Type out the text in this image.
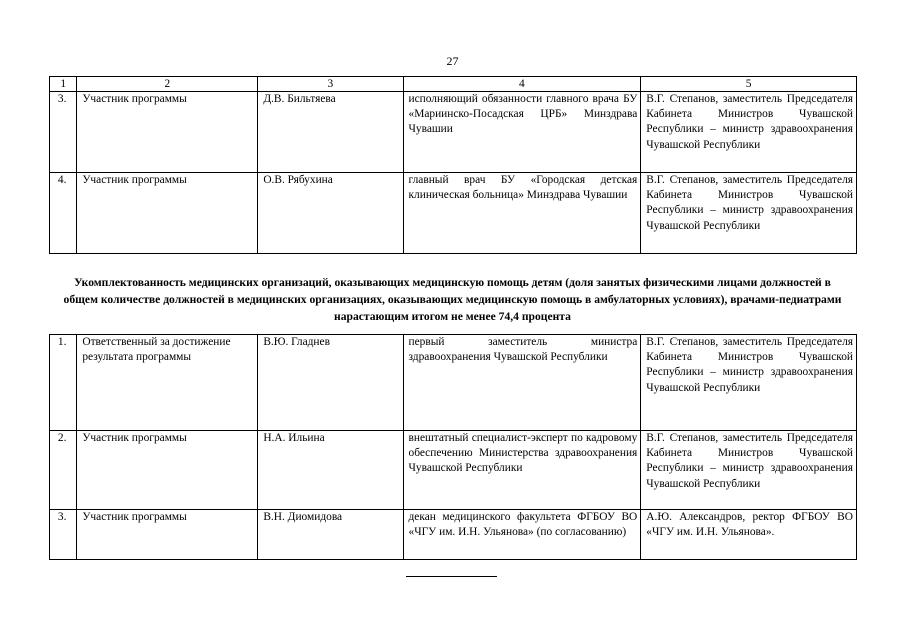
27
1	2	3	4	5
3.	Участник программы	Д.В. Бильтяева	исполняющий обязанности главного врача БУ «Мариинско-Посадская ЦРБ» Минздрава Чувашии	В.Г. Степанов, заместитель Председателя Кабинета Министров Чувашской Республики – министр здравоохранения Чувашской Республики
4.	Участник программы	О.В. Рябухина	главный врач БУ «Городская детская клиническая больница» Минздрава Чувашии	В.Г. Степанов, заместитель Председателя Кабинета Министров Чувашской Республики – министр здравоохранения Чувашской Республики
Укомплектованность медицинских организаций, оказывающих медицинскую помощь детям (доля занятых физическими лицами должностей в общем количестве должностей в медицинских организациях, оказывающих медицинскую помощь в амбулаторных условиях), врачами-педиатрами нарастающим итогом не менее 74,4 процента
1.	Ответственный за достижение результата программы	В.Ю. Гладнев	первый заместитель министра здравоохранения Чувашской Республики	В.Г. Степанов, заместитель Председателя Кабинета Министров Чувашской Республики – министр здравоохранения Чувашской Республики
2.	Участник программы	Н.А. Ильина	внештатный специалист-эксперт по кадровому обеспечению Министерства здравоохранения Чувашской Республики	В.Г. Степанов, заместитель Председателя Кабинета Министров Чувашской Республики – министр здравоохранения Чувашской Республики
3.	Участник программы	В.Н. Диомидова	декан медицинского факультета ФГБОУ ВО «ЧГУ им. И.Н. Ульянова» (по согласованию)	А.Ю. Александров, ректор ФГБОУ ВО «ЧГУ им. И.Н. Ульянова».
